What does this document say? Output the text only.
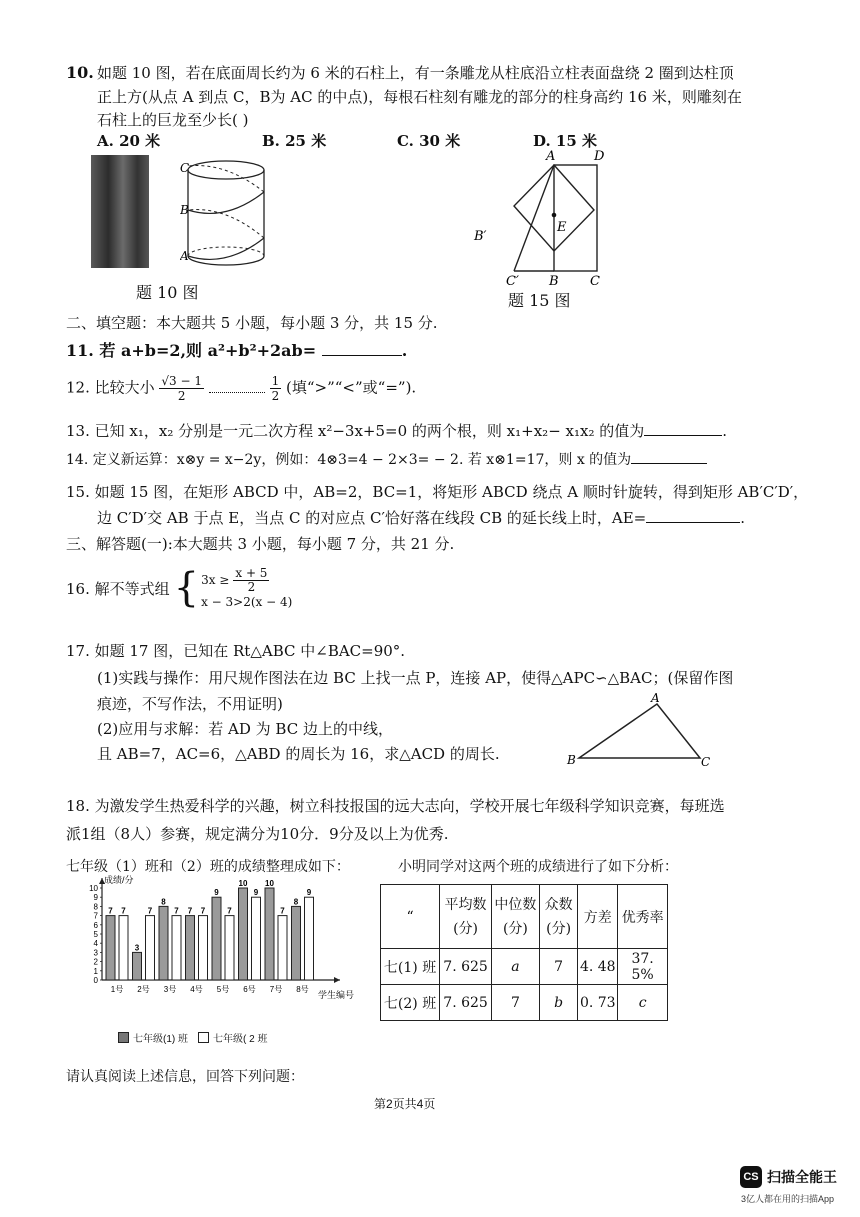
10. 如题 10 图，若在底面周长约为 6 米的石柱上，有一条雕龙从柱底沿立柱表面盘绕 2 圈到达柱顶
正上方(从点 A 到点 C，B为 AC 的中点)，每根石柱刻有雕龙的部分的柱身高约 16 米，则雕刻在
石柱上的巨龙至少长( )
A. 20 米	B. 25 米	C. 30 米	D. 15 米
C
B
A
题 10 图
A	D
B′
E
C′ B C
题 15 图
二、填空题：本大题共 5 小题，每小题 3 分，共 15 分.
11. 若 a+b=2,则 a²+b²+2ab=	.
12. 比较大小 $\frac{√3 - 1}{2}$
	$\frac{1}{2}$ (填“>”“<”或“=”).
13. 已知 x₁，x₂ 分别是一元二次方程 x²−3x+5=0 的两个根，则 x₁+x₂− x₁x₂ 的值为	.
14. 定义新运算：x⊗y = x−2y，例如：4⊗3=4 − 2×3= − 2. 若 x⊗1=17，则 x 的值为
15. 如题 15 图，在矩形 ABCD 中，AB=2，BC=1，将矩形 ABCD 绕点 A 顺时针旋转，得到矩形 AB′C′D′，
边 C′D′交 AB 于点 E，当点 C 的对应点 C′恰好落在线段 CB 的延长线上时，AE=	.
三、解答题(一):本大题共 3 小题，每小题 7 分，共 21 分.
16. 解不等式组 { $3x \ge \frac{x + 5}{2}$
x − 3>2(x − 4)
17. 如题 17 图，已知在 Rt△ABC 中∠BAC=90°.
(1)实践与操作：用尺规作图法在边 BC 上找一点 P，连接 AP，使得△APC∽△BAC；(保留作图
痕迹，不写作法，不用证明)
(2)应用与求解：若 AD 为 BC 边上的中线，
且 AB=7，AC=6，△ABD 的周长为 16，求△ACD 的周长.
A
B	C
18. 为激发学生热爱科学的兴趣，树立科技报国的远大志向，学校开展七年级科学知识竞赛，每班选
派1组（8人）参赛，规定满分为10分．9分及以上为优秀.
七年级（1）班和（2）班的成绩整理成如下：	小明同学对这两个班的成绩进行了如下分析：
成绩/分
学生编号
0
1
2
3
4
5
6
7
8
9
10
7 7
1号
3
7
2号
8
7
3号
7 7
4号
9
7
5号
10
9
6号
10
7
7号
8
9
8号
七年级(1) 班	七年级( 2 班
“	平均数
(分)	中位数
(分)	众数
(分)	方差	优秀率
七(1) 班	7. 625	a	7	4. 48	37. 5%
七(2) 班	7. 625	7	b	0. 73	c
请认真阅读上述信息，回答下列问题：
第2页共4页
CS 扫描全能王
3亿人都在用的扫描App
